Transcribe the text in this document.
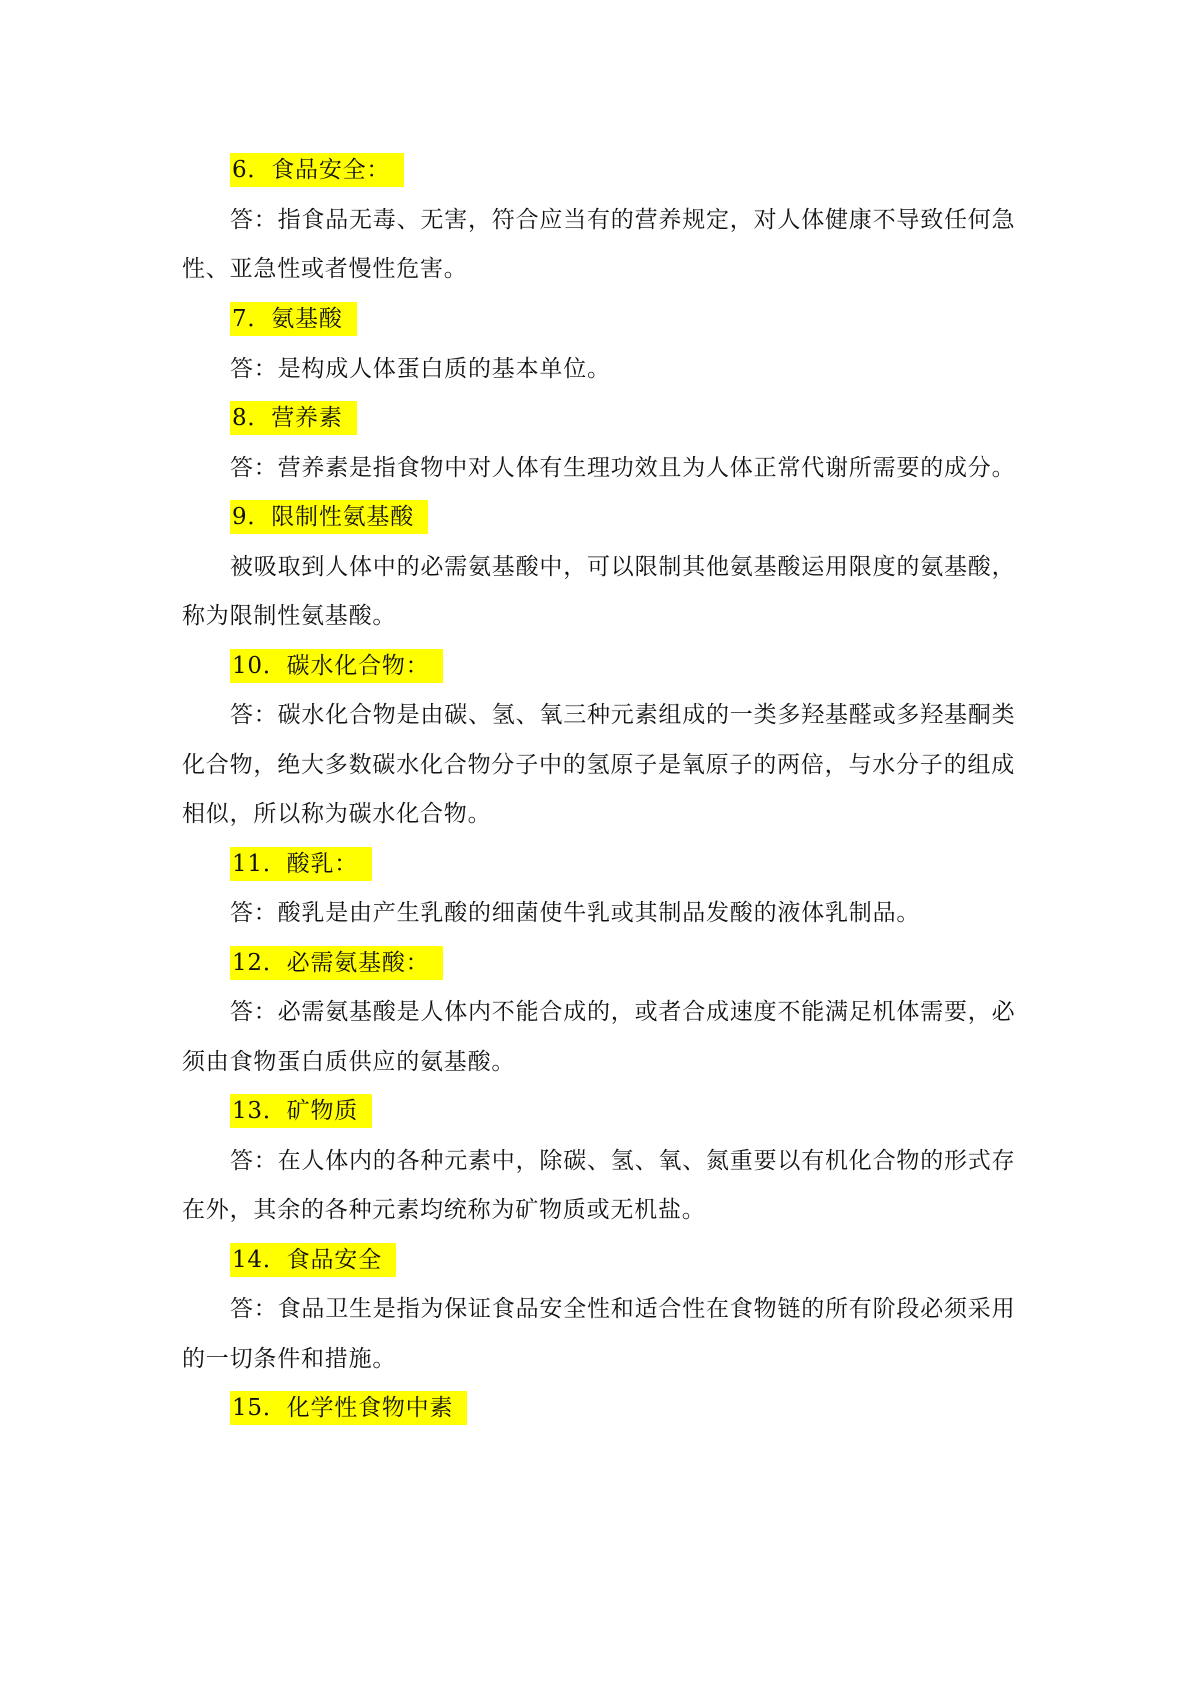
6．食品安全：
答：指食品无毒、无害，符合应当有的营养规定，对人体健康不导致任何急
性、亚急性或者慢性危害。
7．氨基酸
答：是构成人体蛋白质的基本单位。
8．营养素
答：营养素是指食物中对人体有生理功效且为人体正常代谢所需要的成分。
9．限制性氨基酸
被吸取到人体中的必需氨基酸中，可以限制其他氨基酸运用限度的氨基酸，
称为限制性氨基酸。
10．碳水化合物：
答：碳水化合物是由碳、氢、氧三种元素组成的一类多羟基醛或多羟基酮类
化合物，绝大多数碳水化合物分子中的氢原子是氧原子的两倍，与水分子的组成
相似，所以称为碳水化合物。
11．酸乳：
答：酸乳是由产生乳酸的细菌使牛乳或其制品发酸的液体乳制品。
12．必需氨基酸：
答：必需氨基酸是人体内不能合成的，或者合成速度不能满足机体需要，必
须由食物蛋白质供应的氨基酸。
13．矿物质
答：在人体内的各种元素中，除碳、氢、氧、氮重要以有机化合物的形式存
在外，其余的各种元素均统称为矿物质或无机盐。
14．食品安全
答：食品卫生是指为保证食品安全性和适合性在食物链的所有阶段必须采用
的一切条件和措施。
15．化学性食物中素
